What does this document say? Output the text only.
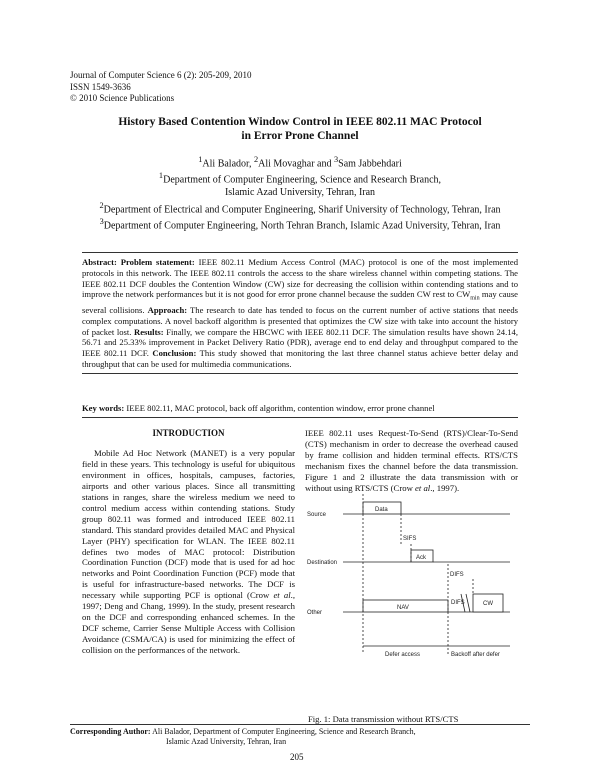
Journal of Computer Science 6 (2): 205-209, 2010
ISSN 1549-3636
© 2010 Science Publications
History Based Contention Window Control in IEEE 802.11 MAC Protocol
in Error Prone Channel
$^1$Ali Balador, $^2$Ali Movaghar and $^3$Sam Jabbehdari
$^1$Department of Computer Engineering, Science and Research Branch,
Islamic Azad University, Tehran, Iran
$^2$Department of Electrical and Computer Engineering, Sharif University of Technology, Tehran, Iran
$^3$Department of Computer Engineering, North Tehran Branch, Islamic Azad University, Tehran, Iran
Abstract: Problem statement: IEEE 802.11 Medium Access Control (MAC) protocol is one of the most implemented protocols in this network. The IEEE 802.11 controls the access to the share wireless channel within competing stations. The IEEE 802.11 DCF doubles the Contention Window (CW) size for decreasing the collision within contending stations and to improve the network performances but it is not good for error prone channel because the sudden CW rest to $CW_{min}$ may cause several collisions. Approach: The research to date has tended to focus on the current number of active stations that needs complex computations. A novel backoff algorithm is presented that optimizes the CW size with take into account the history of packet lost. Results: Finally, we compare the HBCWC with IEEE 802.11 DCF. The simulation results have shown 24.14, 56.71 and 25.33% improvement in Packet Delivery Ratio (PDR), average end to end delay and throughput compared to the IEEE 802.11 DCF. Conclusion: This study showed that monitoring the last three channel status achieve better delay and throughput that can be used for multimedia communications.
Key words: IEEE 802.11, MAC protocol, back off algorithm, contention window, error prone channel
INTRODUCTION

Mobile Ad Hoc Network (MANET) is a very popular field in these years. This technology is useful for ubiquitous environment in offices, hospitals, campuses, factories, airports and other various places. Since all transmitting stations in ranges, share the wireless medium we need to control medium access within contending stations. Study group 802.11 was formed and introduced IEEE 802.11 standard. This standard provides detailed MAC and Physical Layer (PHY) specification for WLAN. The IEEE 802.11 defines two modes of MAC protocol: Distribution Coordination Function (DCF) mode that is used for ad hoc networks and Point Coordination Function (PCF) mode that is useful for infrastructure-based networks. The DCF is necessary while supporting PCF is optional (Crow et al., 1997; Deng and Chang, 1999). In the study, present research on the DCF and corresponding enhanced schemes. In the DCF scheme, Carrier Sense Multiple Access with Collision Avoidance (CSMA/CA) is used for minimizing the effect of collision on the performances of the network.

IEEE 802.11 uses Request-To-Send (RTS)/Clear-To-Send (CTS) mechanism in order to decrease the overhead caused by frame collision and hidden terminal effects. RTS/CTS mechanism fixes the channel before the data transmission. Figure 1 and 2 illustrate the data transmission with or without using RTS/CTS (Crow et al., 1997).

Source
Destination
Other
Data
SIFS
Ack
DIFS
NAV
DIFS	CW
Defer access	Backoff after defer
Fig. 1: Data transmission without RTS/CTS
Corresponding Author: Ali Balador, Department of Computer Engineering, Science and Research Branch,
Islamic Azad University, Tehran, Iran
205
